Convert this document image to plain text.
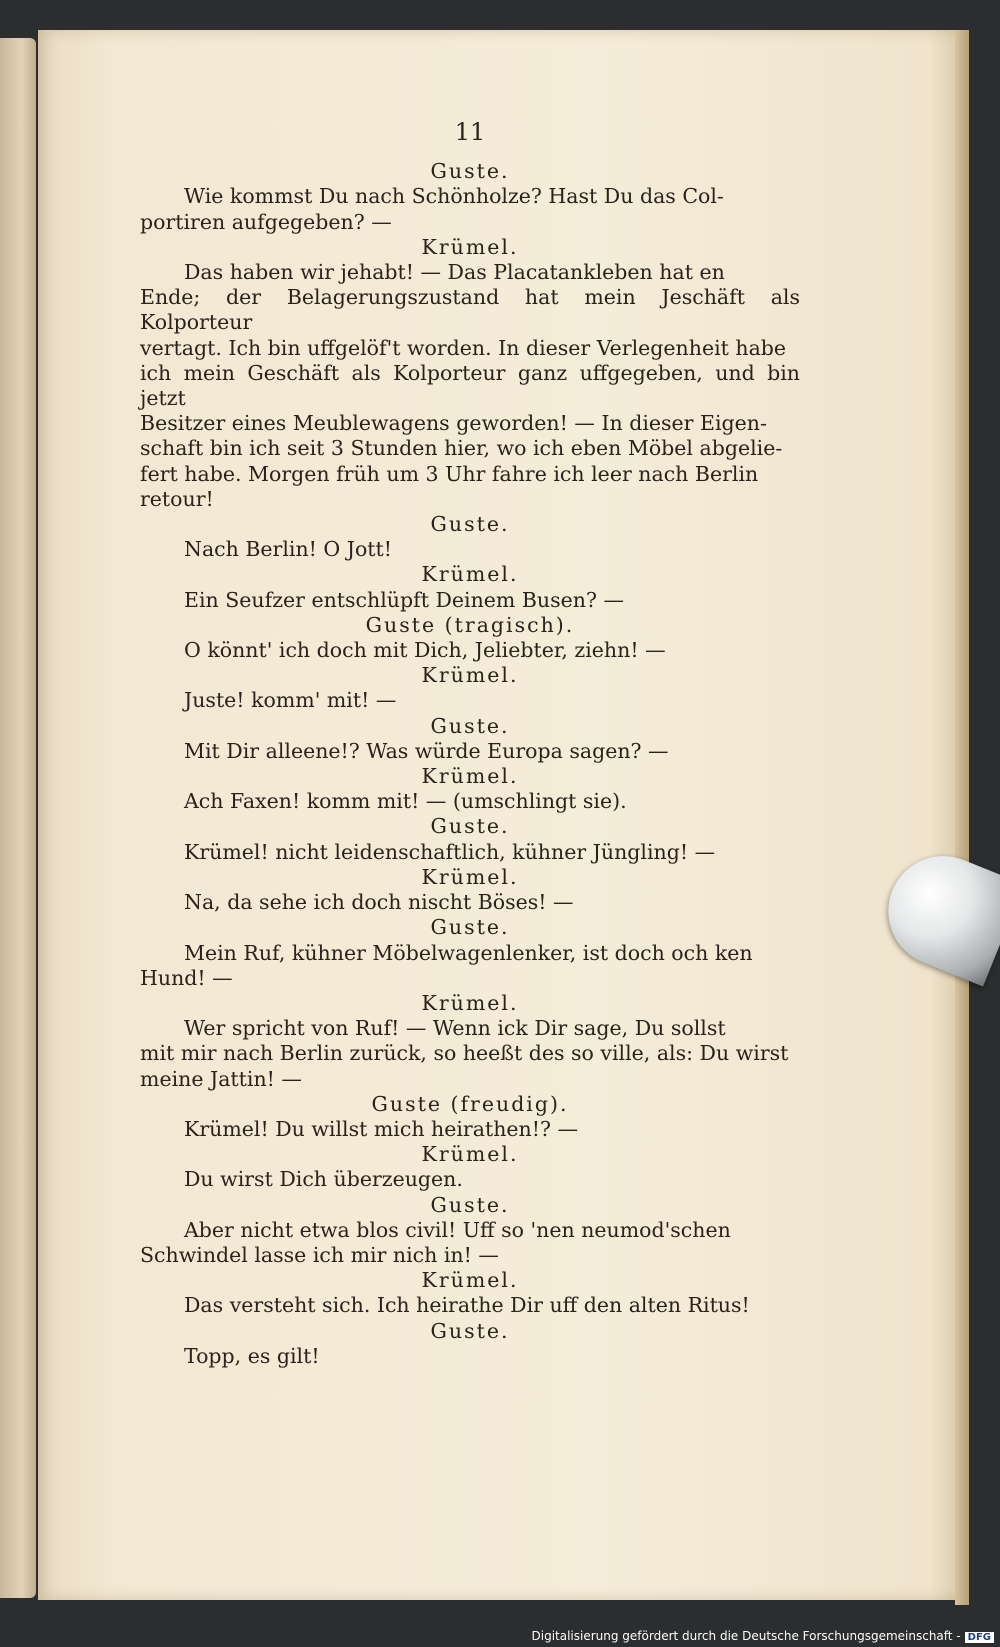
11
Guste.
Wie kommst Du nach Schönholze? Hast Du das Col-
portiren aufgegeben? —
Krümel.
Das haben wir jehabt! — Das Placatankleben hat en
Ende; der Belagerungszustand hat mein Jeschäft als Kolporteur
vertagt. Ich bin uffgelöf't worden. In dieser Verlegenheit habe
ich mein Geschäft als Kolporteur ganz uffgegeben, und bin jetzt
Besitzer eines Meublewagens geworden! — In dieser Eigen-
schaft bin ich seit 3 Stunden hier, wo ich eben Möbel abgelie-
fert habe. Morgen früh um 3 Uhr fahre ich leer nach Berlin
retour!
Guste.
Nach Berlin! O Jott!
Krümel.
Ein Seufzer entschlüpft Deinem Busen? —
Guste (tragisch).
O könnt' ich doch mit Dich, Jeliebter, ziehn! —
Krümel.
Juste! komm' mit! —
Guste.
Mit Dir alleene!? Was würde Europa sagen? —
Krümel.
Ach Faxen! komm mit! — (umschlingt sie).
Guste.
Krümel! nicht leidenschaftlich, kühner Jüngling! —
Krümel.
Na, da sehe ich doch nischt Böses! —
Guste.
Mein Ruf, kühner Möbelwagenlenker, ist doch och ken
Hund! —
Krümel.
Wer spricht von Ruf! — Wenn ick Dir sage, Du sollst
mit mir nach Berlin zurück, so heeßt des so ville, als: Du wirst
meine Jattin! —
Guste (freudig).
Krümel! Du willst mich heirathen!? —
Krümel.
Du wirst Dich überzeugen.
Guste.
Aber nicht etwa blos civil! Uff so 'nen neumod'schen
Schwindel lasse ich mir nich in! —
Krümel.
Das versteht sich. Ich heirathe Dir uff den alten Ritus!
Guste.
Topp, es gilt!
Digitalisierung gefördert durch die Deutsche Forschungsgemeinschaft - DFG
